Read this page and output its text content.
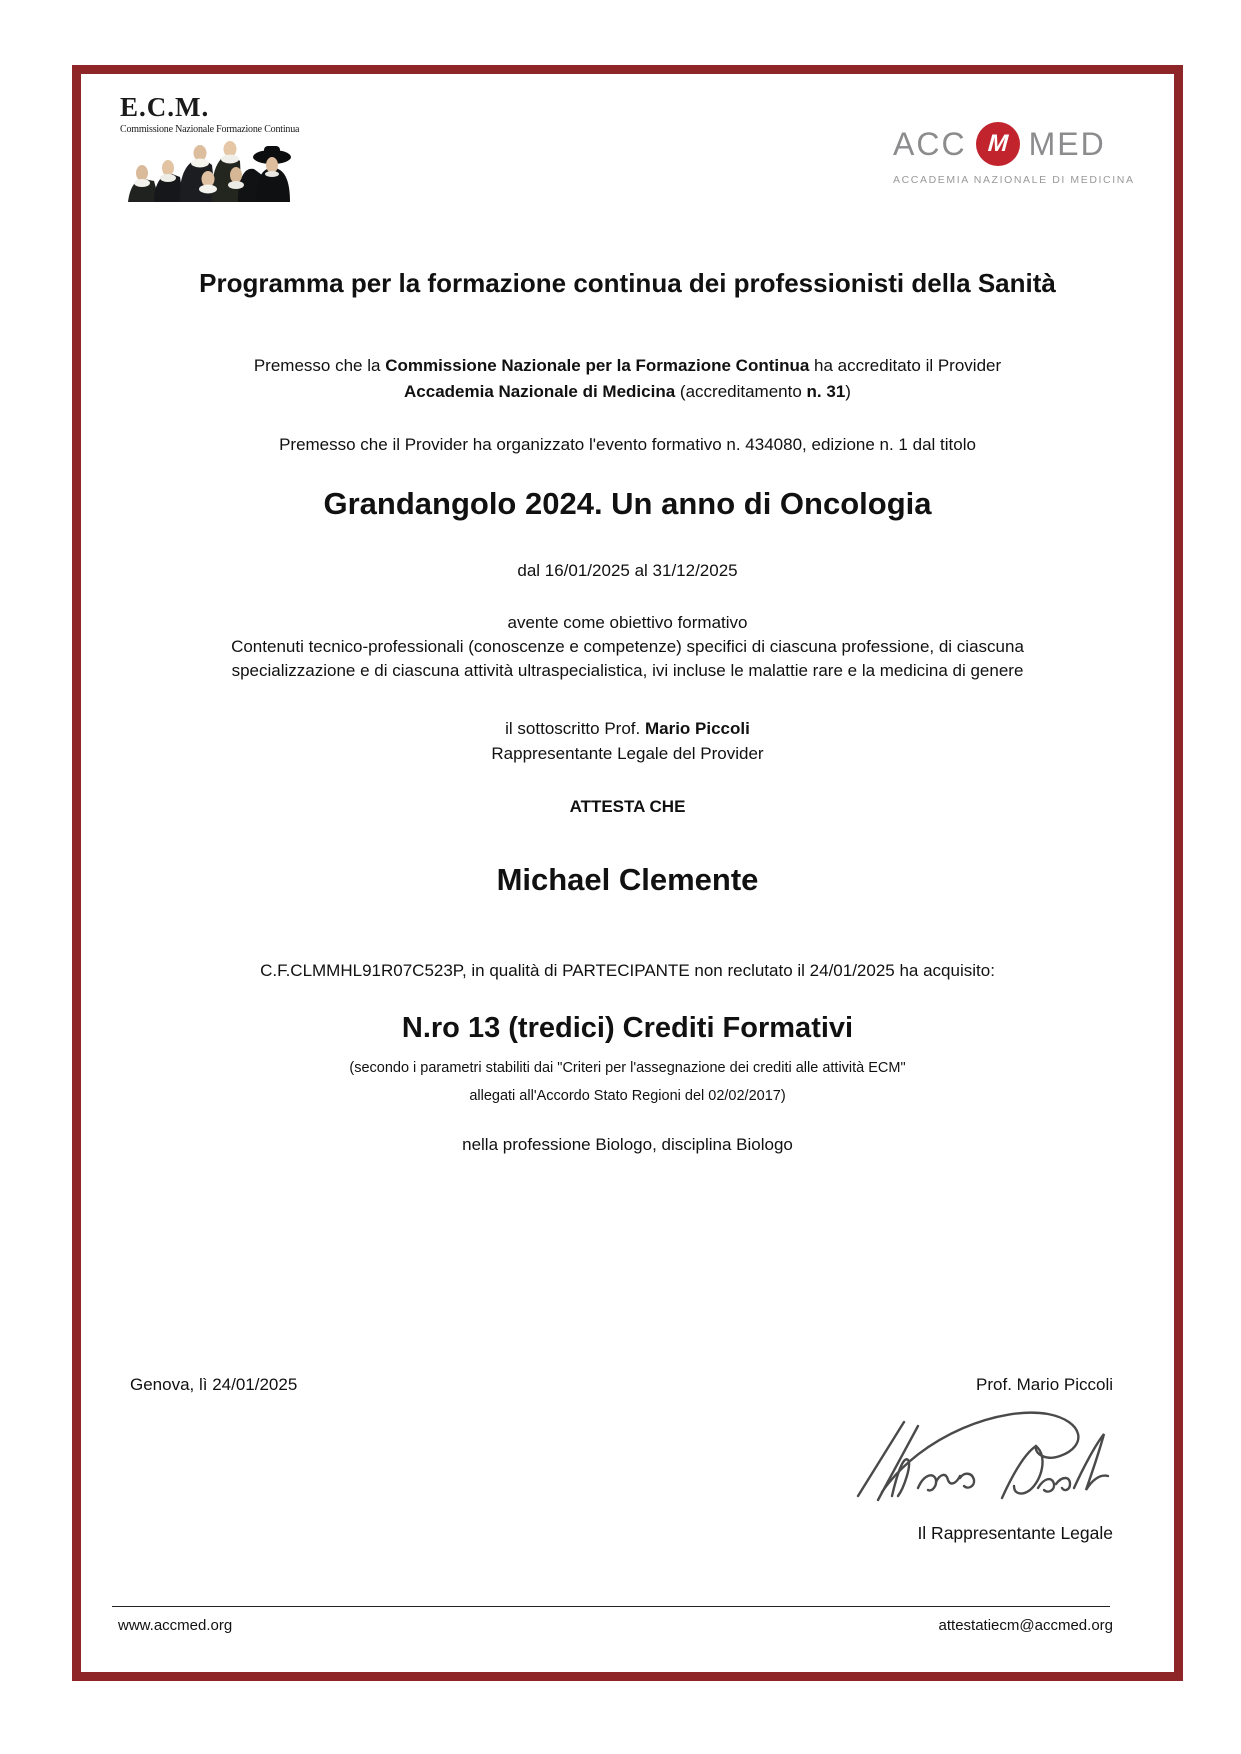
E.C.M.
Commissione Nazionale Formazione Continua	ACC M MED
ACCADEMIA NAZIONALE DI MEDICINA
Programma per la formazione continua dei professionisti della Sanità
Premesso che la Commissione Nazionale per la Formazione Continua ha accreditato il Provider
Accademia Nazionale di Medicina (accreditamento n. 31)
Premesso che il Provider ha organizzato l'evento formativo n. 434080, edizione n. 1 dal titolo
Grandangolo 2024. Un anno di Oncologia
dal 16/01/2025 al 31/12/2025
avente come obiettivo formativo
Contenuti tecnico-professionali (conoscenze e competenze) specifici di ciascuna professione, di ciascuna
specializzazione e di ciascuna attività ultraspecialistica, ivi incluse le malattie rare e la medicina di genere
il sottoscritto Prof. Mario Piccoli
Rappresentante Legale del Provider
ATTESTA CHE
Michael Clemente
C.F.CLMMHL91R07C523P, in qualità di PARTECIPANTE non reclutato il 24/01/2025 ha acquisito:
N.ro 13 (tredici) Crediti Formativi
(secondo i parametri stabiliti dai "Criteri per l'assegnazione dei crediti alle attività ECM"
allegati all'Accordo Stato Regioni del 02/02/2017)
nella professione Biologo, disciplina Biologo
Genova, lì 24/01/2025	Prof. Mario Piccoli
Il Rappresentante Legale
www.accmed.org	attestatiecm@accmed.org
